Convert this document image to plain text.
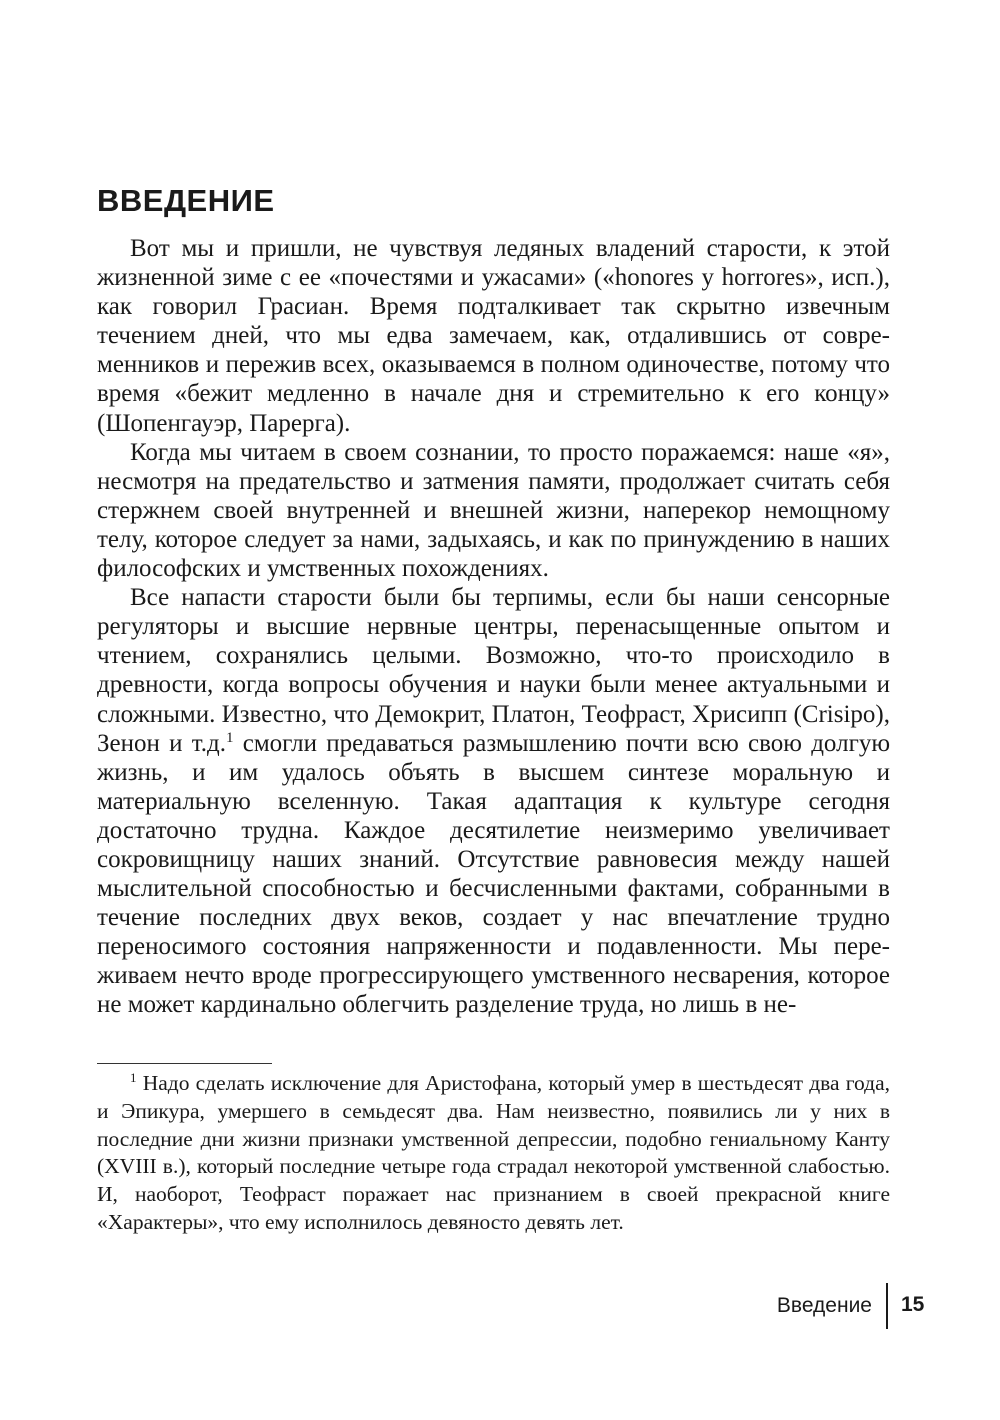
ВВЕДЕНИЕ

Вот мы и пришли, не чувствуя ледяных владений старости, к этой жизненной зиме с ее «почестями и ужасами» («honores y horrores», исп.), как говорил Грасиан. Время подталкивает так скрытно извечным течением дней, что мы едва замечаем, как, отдалившись от современников и пережив всех, оказываемся в полном одиночестве, потому что время «бежит медленно в начале дня и стремительно к его концу» (Шопенгауэр, Парерга).

Когда мы читаем в своем сознании, то просто поражаемся: наше «я», несмотря на предательство и затмения памяти, продолжает считать себя стержнем своей внутренней и внешней жизни, наперекор немощному телу, которое следует за нами, задыхаясь, и как по принуждению в наших философских и умственных похождениях.

Все напасти старости были бы терпимы, если бы наши сенсорные регуляторы и высшие нервные центры, перенасыщенные опытом и чтением, сохранялись целыми. Возможно, что-то происходило в древности, когда вопросы обучения и науки были менее актуальными и сложными. Известно, что Демокрит, Платон, Теофраст, Хрисипп (Crisipo), Зенон и т.д.$^1$ смогли предаваться размышлению почти всю свою долгую жизнь, и им удалось объять в высшем синтезе моральную и материальную вселенную. Такая адаптация к культуре сегодня достаточно трудна. Каждое десятилетие неизмеримо увеличивает сокровищницу наших знаний. Отсутствие равновесия между нашей мыслительной способностью и бесчисленными фактами, собранными в течение последних двух веков, создает у нас впечатление трудно переносимого состояния напряженности и подавленности. Мы переживаем нечто вроде прогрессирующего умственного несварения, которое не может кардинально облегчить разделение труда, но лишь в не-

$^1$ Надо сделать исключение для Аристофана, который умер в шестьдесят два года, и Эпикура, умершего в семьдесят два. Нам неизвестно, появились ли у них в последние дни жизни признаки умственной депрессии, подобно гениальному Канту (XVIII в.), который последние четыре года страдал некоторой умственной слабостью. И, наоборот, Теофраст поражает нас признанием в своей прекрасной книге «Характеры», что ему исполнилось девяносто девять лет.

Введение 15
